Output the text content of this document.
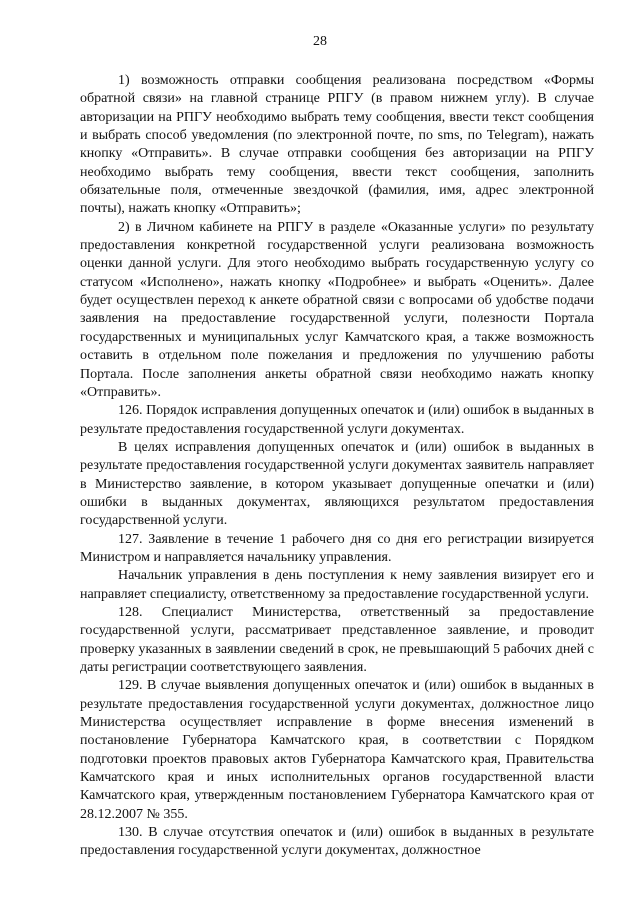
28

1) возможность отправки сообщения реализована посредством «Формы обратной связи» на главной странице РПГУ (в правом нижнем углу). В случае авторизации на РПГУ необходимо выбрать тему сообщения, ввести текст сообщения и выбрать способ уведомления (по электронной почте, по sms, по Telegram), нажать кнопку «Отправить». В случае отправки сообщения без авторизации на РПГУ необходимо выбрать тему сообщения, ввести текст сообщения, заполнить обязательные поля, отмеченные звездочкой (фамилия, имя, адрес электронной почты), нажать кнопку «Отправить»;

2) в Личном кабинете на РПГУ в разделе «Оказанные услуги» по результату предоставления конкретной государственной услуги реализована возможность оценки данной услуги. Для этого необходимо выбрать государственную услугу со статусом «Исполнено», нажать кнопку «Подробнее» и выбрать «Оценить». Далее будет осуществлен переход к анкете обратной связи с вопросами об удобстве подачи заявления на предоставление государственной услуги, полезности Портала государственных и муниципальных услуг Камчатского края, а также возможность оставить в отдельном поле пожелания и предложения по улучшению работы Портала. После заполнения анкеты обратной связи необходимо нажать кнопку «Отправить».

126. Порядок исправления допущенных опечаток и (или) ошибок в выданных в результате предоставления государственной услуги документах.

В целях исправления допущенных опечаток и (или) ошибок в выданных в результате предоставления государственной услуги документах заявитель направляет в Министерство заявление, в котором указывает допущенные опечатки и (или) ошибки в выданных документах, являющихся результатом предоставления государственной услуги.

127. Заявление в течение 1 рабочего дня со дня его регистрации визируется Министром и направляется начальнику управления.

Начальник управления в день поступления к нему заявления визирует его и направляет специалисту, ответственному за предоставление государственной услуги.

128. Специалист Министерства, ответственный за предоставление государственной услуги, рассматривает представленное заявление, и проводит проверку указанных в заявлении сведений в срок, не превышающий 5 рабочих дней с даты регистрации соответствующего заявления.

129. В случае выявления допущенных опечаток и (или) ошибок в выданных в результате предоставления государственной услуги документах, должностное лицо Министерства осуществляет исправление в форме внесения изменений в постановление Губернатора Камчатского края, в соответствии с Порядком подготовки проектов правовых актов Губернатора Камчатского края, Правительства Камчатского края и иных исполнительных органов государственной власти Камчатского края, утвержденным постановлением Губернатора Камчатского края от 28.12.2007 № 355.

130. В случае отсутствия опечаток и (или) ошибок в выданных в результате предоставления государственной услуги документах, должностное
